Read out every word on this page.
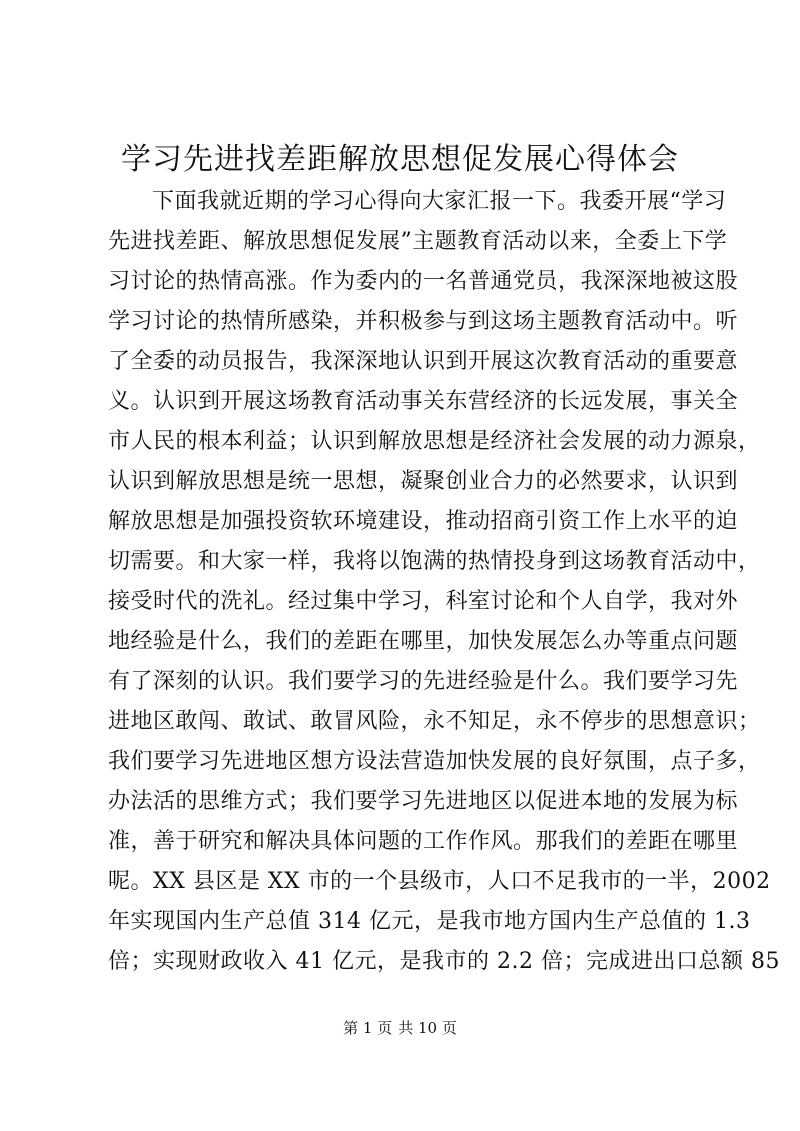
学习先进找差距解放思想促发展心得体会
下面我就近期的学习心得向大家汇报一下。我委开展“学习
先进找差距、解放思想促发展”主题教育活动以来，全委上下学
习讨论的热情高涨。作为委内的一名普通党员，我深深地被这股
学习讨论的热情所感染，并积极参与到这场主题教育活动中。听
了全委的动员报告，我深深地认识到开展这次教育活动的重要意
义。认识到开展这场教育活动事关东营经济的长远发展，事关全
市人民的根本利益；认识到解放思想是经济社会发展的动力源泉，
认识到解放思想是统一思想，凝聚创业合力的必然要求，认识到
解放思想是加强投资软环境建设，推动招商引资工作上水平的迫
切需要。和大家一样，我将以饱满的热情投身到这场教育活动中，
接受时代的洗礼。经过集中学习，科室讨论和个人自学，我对外
地经验是什么，我们的差距在哪里，加快发展怎么办等重点问题
有了深刻的认识。我们要学习的先进经验是什么。我们要学习先
进地区敢闯、敢试、敢冒风险，永不知足，永不停步的思想意识；
我们要学习先进地区想方设法营造加快发展的良好氛围，点子多，
办法活的思维方式；我们要学习先进地区以促进本地的发展为标
准，善于研究和解决具体问题的工作作风。那我们的差距在哪里
呢。XX 县区是 XX 市的一个县级市，人口不足我市的一半，2002
年实现国内生产总值 314 亿元，是我市地方国内生产总值的 1.3
倍；实现财政收入 41 亿元，是我市的 2.2 倍；完成进出口总额 85
第 1 页 共 10 页
